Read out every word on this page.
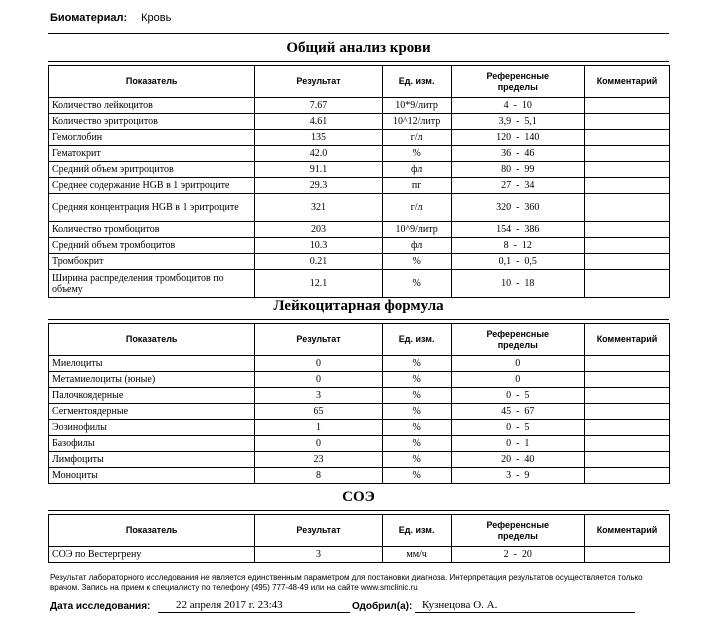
Биоматериал: Кровь
Общий анализ крови
Показатель	Результат	Ед. изм.	Референсные пределы	Комментарий
Количество лейкоцитов	7.67	10*9/литр	4  -  10	
Количество эритроцитов	4.61	10^12/литр	3,9  -  5,1	
Гемоглобин	135	г/л	120  -  140	
Гематокрит	42.0	%	36  -  46	
Средний объем эритроцитов	91.1	фл	80  -  99	
Среднее содержание HGB в 1 эритроците	29.3	пг	27  -  34	
Средняя концентрация HGB в 1 эритроците	321	г/л	320  -  360	
Количество тромбоцитов	203	10^9/литр	154  -  386	
Средний объем тромбоцитов	10.3	фл	8  -  12	
Тромбокрит	0.21	%	0,1  -  0,5	
Ширина распределения тромбоцитов по объему	12.1	%	10  -  18	
Лейкоцитарная формула
Показатель	Результат	Ед. изм.	Референсные пределы	Комментарий
Миелоциты	0	%	0	
Метамиелоциты (юные)	0	%	0	
Палочкоядерные	3	%	0  -  5	
Сегментоядерные	65	%	45  -  67	
Эозинофилы	1	%	0  -  5	
Базофилы	0	%	0  -  1	
Лимфоциты	23	%	20  -  40	
Моноциты	8	%	3  -  9	
СОЭ
Показатель	Результат	Ед. изм.	Референсные пределы	Комментарий
СОЭ по Вестергрену	3	мм/ч	2  -  20	
Результат лабораторного исследования не является единственным параметром для постановки диагноза. Интерпретация результатов осуществляется только врачом. Запись на прием к специалисту по телефону (495) 777-48-49 или на сайте www.smclinic.ru
Дата исследования: 22 апреля 2017 г. 23:43	Одобрил(а): Кузнецова О. А.
